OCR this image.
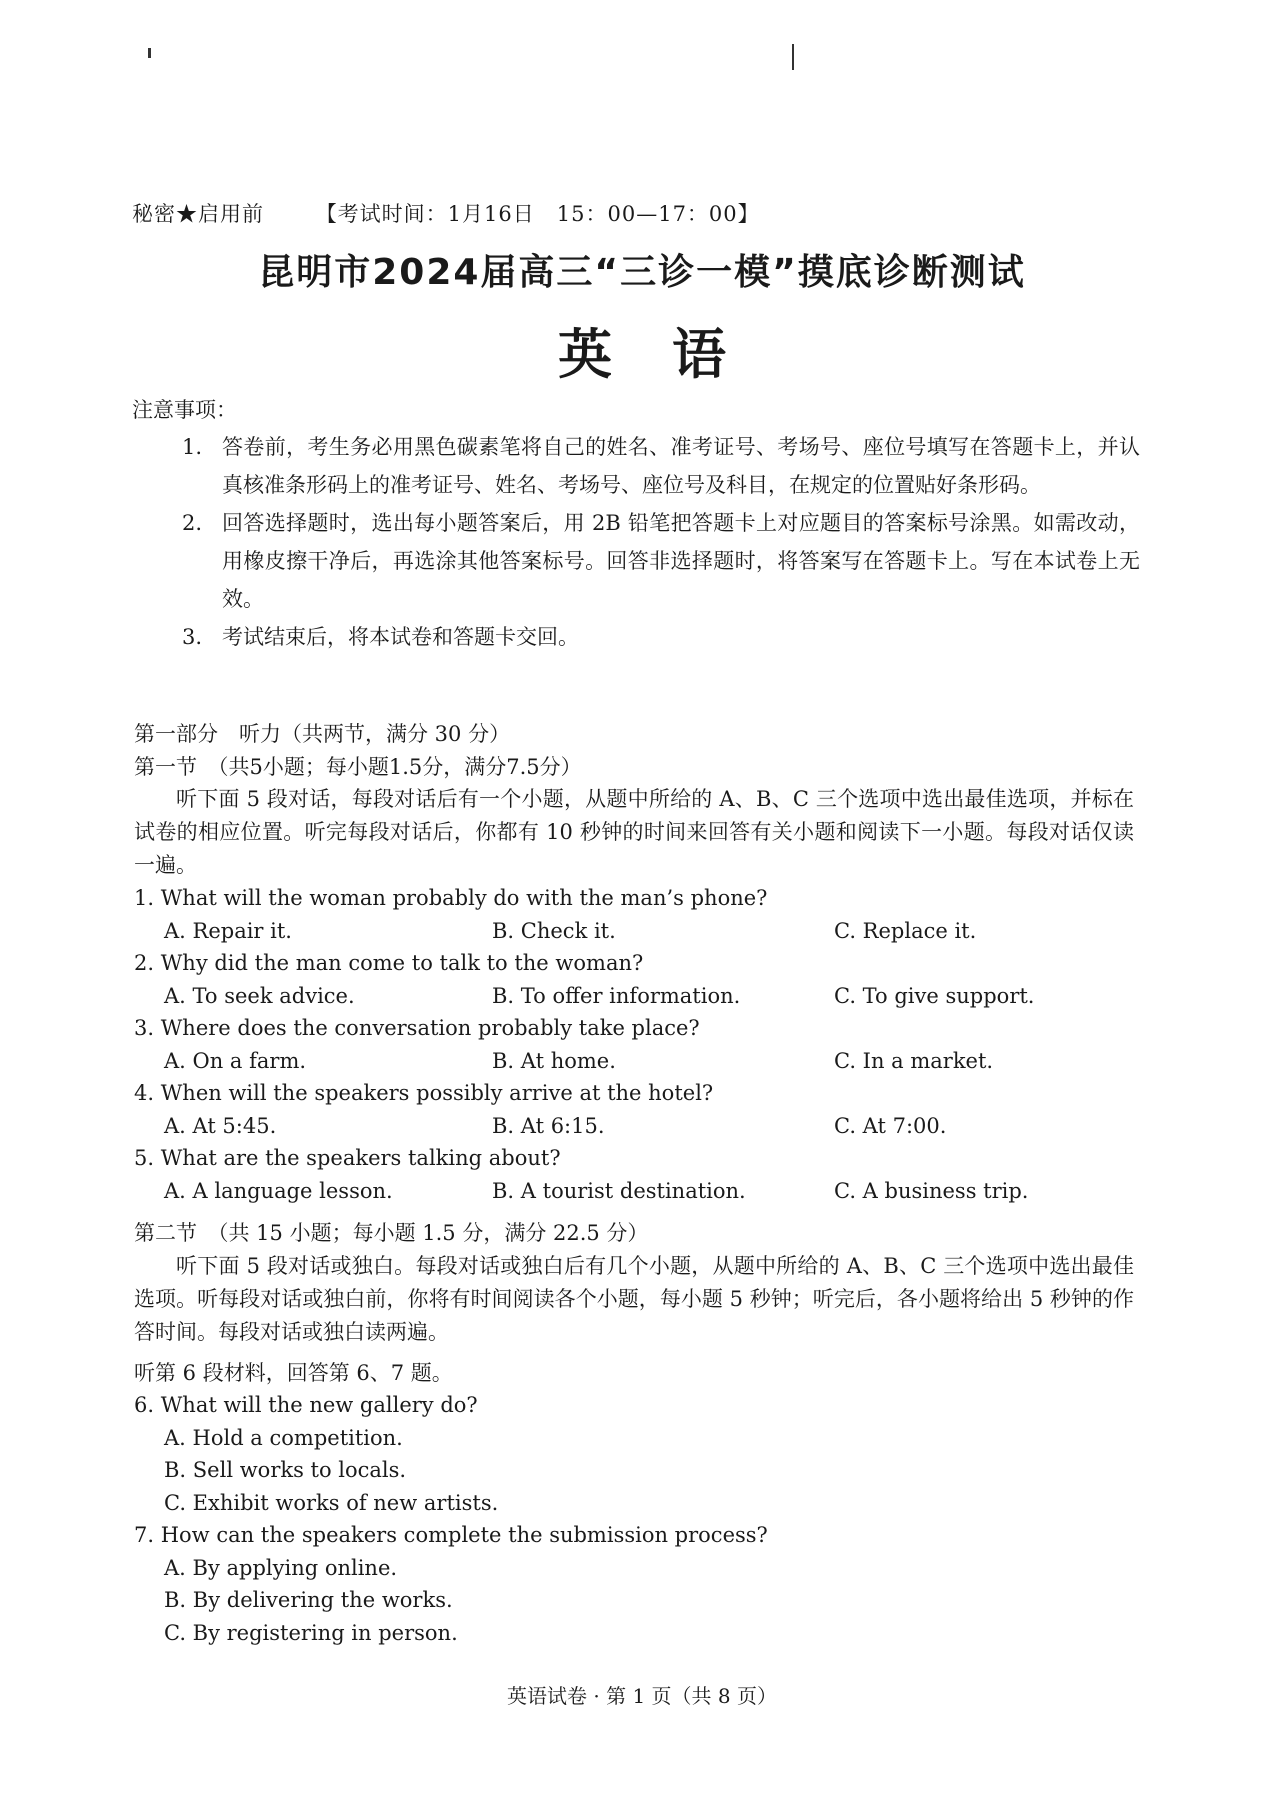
秘密★启用前 【考试时间：1月16日　15：00—17：00】
昆明市2024届高三“三诊一模”摸底诊断测试
英 语
注意事项：
1. 答卷前，考生务必用黑色碳素笔将自己的姓名、准考证号、考场号、座位号填写在答题卡上，并认真核准条形码上的准考证号、姓名、考场号、座位号及科目，在规定的位置贴好条形码。
2. 回答选择题时，选出每小题答案后，用 2B 铅笔把答题卡上对应题目的答案标号涂黑。如需改动，用橡皮擦干净后，再选涂其他答案标号。回答非选择题时，将答案写在答题卡上。写在本试卷上无效。
3. 考试结束后，将本试卷和答题卡交回。
第一部分　听力（共两节，满分 30 分）
第一节　（共5小题；每小题1.5分，满分7.5分）
听下面 5 段对话，每段对话后有一个小题，从题中所给的 A、B、C 三个选项中选出最佳选项，并标在试卷的相应位置。听完每段对话后，你都有 10 秒钟的时间来回答有关小题和阅读下一小题。每段对话仅读一遍。
1. What will the woman probably do with the man’s phone?
A. Repair it.	B. Check it.	C. Replace it.
2. Why did the man come to talk to the woman?
A. To seek advice.	B. To offer information.	C. To give support.
3. Where does the conversation probably take place?
A. On a farm.	B. At home.	C. In a market.
4. When will the speakers possibly arrive at the hotel?
A. At 5:45.	B. At 6:15.	C. At 7:00.
5. What are the speakers talking about?
A. A language lesson.	B. A tourist destination.	C. A business trip.
第二节　（共 15 小题；每小题 1.5 分，满分 22.5 分）
听下面 5 段对话或独白。每段对话或独白后有几个小题，从题中所给的 A、B、C 三个选项中选出最佳选项。听每段对话或独白前，你将有时间阅读各个小题，每小题 5 秒钟；听完后，各小题将给出 5 秒钟的作答时间。每段对话或独白读两遍。
听第 6 段材料，回答第 6、7 题。
6. What will the new gallery do?
A. Hold a competition.
B. Sell works to locals.
C. Exhibit works of new artists.
7. How can the speakers complete the submission process?
A. By applying online.
B. By delivering the works.
C. By registering in person.
英语试卷 · 第 1 页（共 8 页）
